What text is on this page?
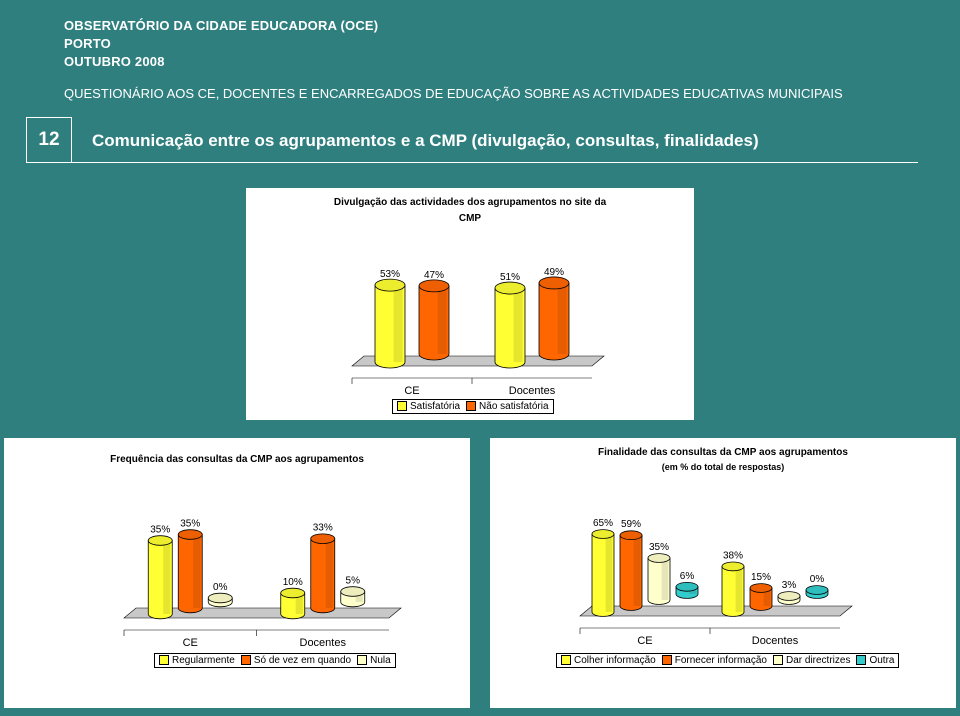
OBSERVATÓRIO DA CIDADE EDUCADORA (OCE)
PORTO
OUTUBRO 2008
QUESTIONÁRIO AOS CE, DOCENTES E ENCARREGADOS DE EDUCAÇÃO SOBRE AS ACTIVIDADES EDUCATIVAS MUNICIPAIS
12	Comunicação entre os agrupamentos e a CMP (divulgação, consultas, finalidades)
Divulgação das actividades dos agrupamentos no site da
CMP
CE
53% 47%
Docentes
51% 49%
Satisfatória	Não satisfatória
Frequência das consultas da CMP aos agrupamentos
CE
35%
35%
0%
Docentes
10%
33%
5%
Regularmente	Só de vez em quando	Nula
Finalidade das consultas da CMP aos agrupamentos
(em % do total de respostas)
CE
65% 59%
35%
6%
Docentes
38%
15%
3%
0%
Colher informação	Fornecer informação	Dar directrizes	Outra
